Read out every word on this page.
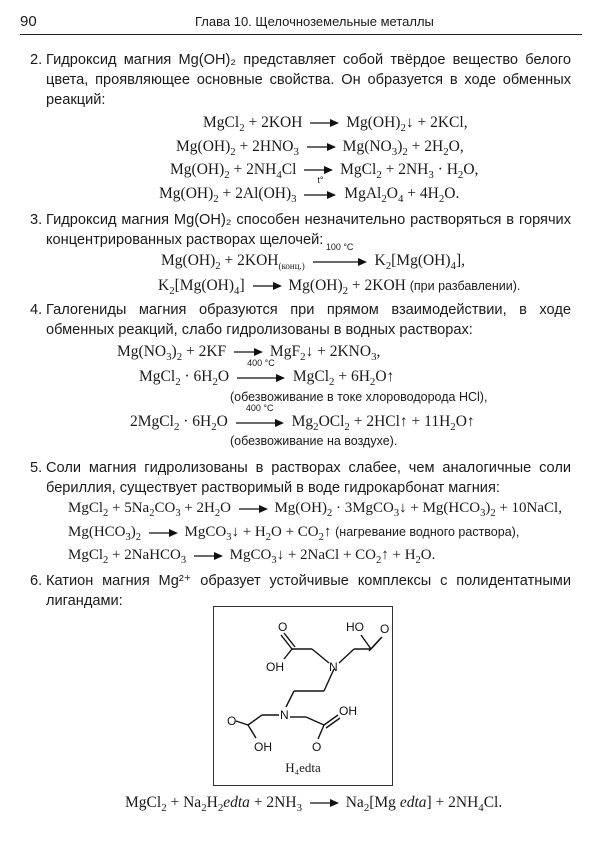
90	Глава 10. Щелочноземельные металлы
2. Гидроксид магния Mg(OH)₂ представляет собой твёрдое вещество белого цвета, проявляющее основные свойства. Он образуется в ходе обменных реакций:
MgCl$_2$ + $2KOH \to Mg(OH)_2↓ + 2KCl$,
$Mg(OH)_2 + 2HNO_3 \to Mg(NO_3)_2 + 2H_2O$,
$Mg(OH)_2 + 2NH_4Cl$ → MgCl$_2$ + $2NH_3 \cdot H_2O$,
$Mg(OH)_2 + 2Al(OH)_3$
t°
$MgAl_2O_4 + 4H_2O$.
3. Гидроксид магния Mg(OH)₂ способен незначительно растворяться в горячих концентрированных растворах щелочей:
$Mg(OH)_2 + 2KOH_{(конц.)}$
100 °C
$K_2[Mg(OH)_4]$,
$K_2[Mg(OH)_4] \to Mg(OH)_2 + 2KOH$ (при разбавлении).
4. Галогениды магния образуются при прямом взаимодействии, в ходе обменных реакций, слабо гидролизованы в водных растворах:
$Mg(NO_3)_2 + 2KF$ → MgF$_2$↓ + $2KNO_3$,
MgCl$_2$ · $6H_2O$
400 °C
MgCl$_2$ + $6H_2O↑$
(обезвоживание в токе хлороводорода HCl),
2MgCl$_2$ · $6H_2O$
400 °C
$Mg_2OCl_2$ + 2HCl↑ + $11H_2O↑$
(обезвоживание на воздухе).
5. Соли магния гидролизованы в растворах слабее, чем аналогичные соли бериллия, существует растворимый в воде гидрокарбонат магния:
MgCl$_2$ + $5Na_2CO_3 + 2H_2O \to Mg(OH)_2$ · 3MgCO$_3$↓ + $Mg(HCO_3)_2$ + 10NaCl,
$Mg(HCO_3)_2$ → MgCO$_3$↓ + $H_2O$ + $CO_2↑$ (нагревание водного раствора),
MgCl$_2$ + 2NaHCO$_3$ → MgCO$_3$↓ + 2NaCl + $CO_2↑ + H_2O$.
6. Катион магния Mg²⁺ образует устойчивые комплексы с полидентатными лигандами:
O
OH	N
HO O
N
O
OH	O
OH
H₄edta
MgCl$_2$ + $Na_2H_2edta + 2NH_3 \to Na_2[Mg$ edta] + $2NH_4Cl$.
